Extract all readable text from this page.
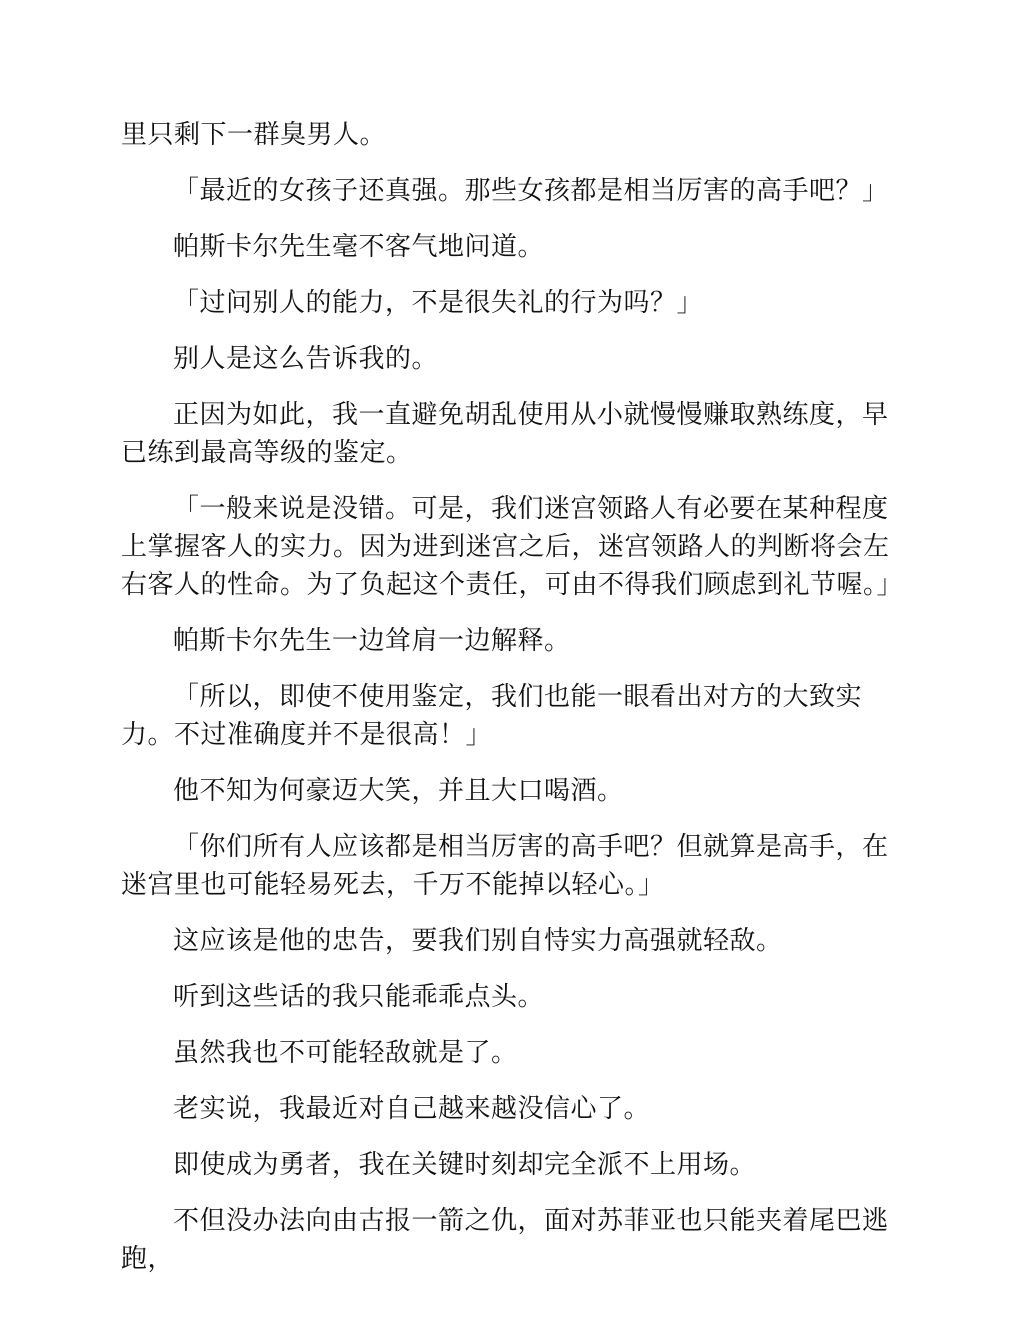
里只剩下一群臭男人。

「最近的女孩子还真强。那些女孩都是相当厉害的高手吧？」

帕斯卡尔先生毫不客气地问道。

「过问别人的能力，不是很失礼的行为吗？」

别人是这么告诉我的。

正因为如此，我一直避免胡乱使用从小就慢慢赚取熟练度，早已练到最高等级的鉴定。

「一般来说是没错。可是，我们迷宫领路人有必要在某种程度上掌握客人的实力。因为进到迷宫之后，迷宫领路人的判断将会左右客人的性命。为了负起这个责任，可由不得我们顾虑到礼节喔。」

帕斯卡尔先生一边耸肩一边解释。

「所以，即使不使用鉴定，我们也能一眼看出对方的大致实力。不过准确度并不是很高！」

他不知为何豪迈大笑，并且大口喝酒。

「你们所有人应该都是相当厉害的高手吧？但就算是高手，在迷宫里也可能轻易死去，千万不能掉以轻心。」

这应该是他的忠告，要我们别自恃实力高强就轻敌。

听到这些话的我只能乖乖点头。

虽然我也不可能轻敌就是了。

老实说，我最近对自己越来越没信心了。

即使成为勇者，我在关键时刻却完全派不上用场。

不但没办法向由古报一箭之仇，面对苏菲亚也只能夹着尾巴逃跑，
